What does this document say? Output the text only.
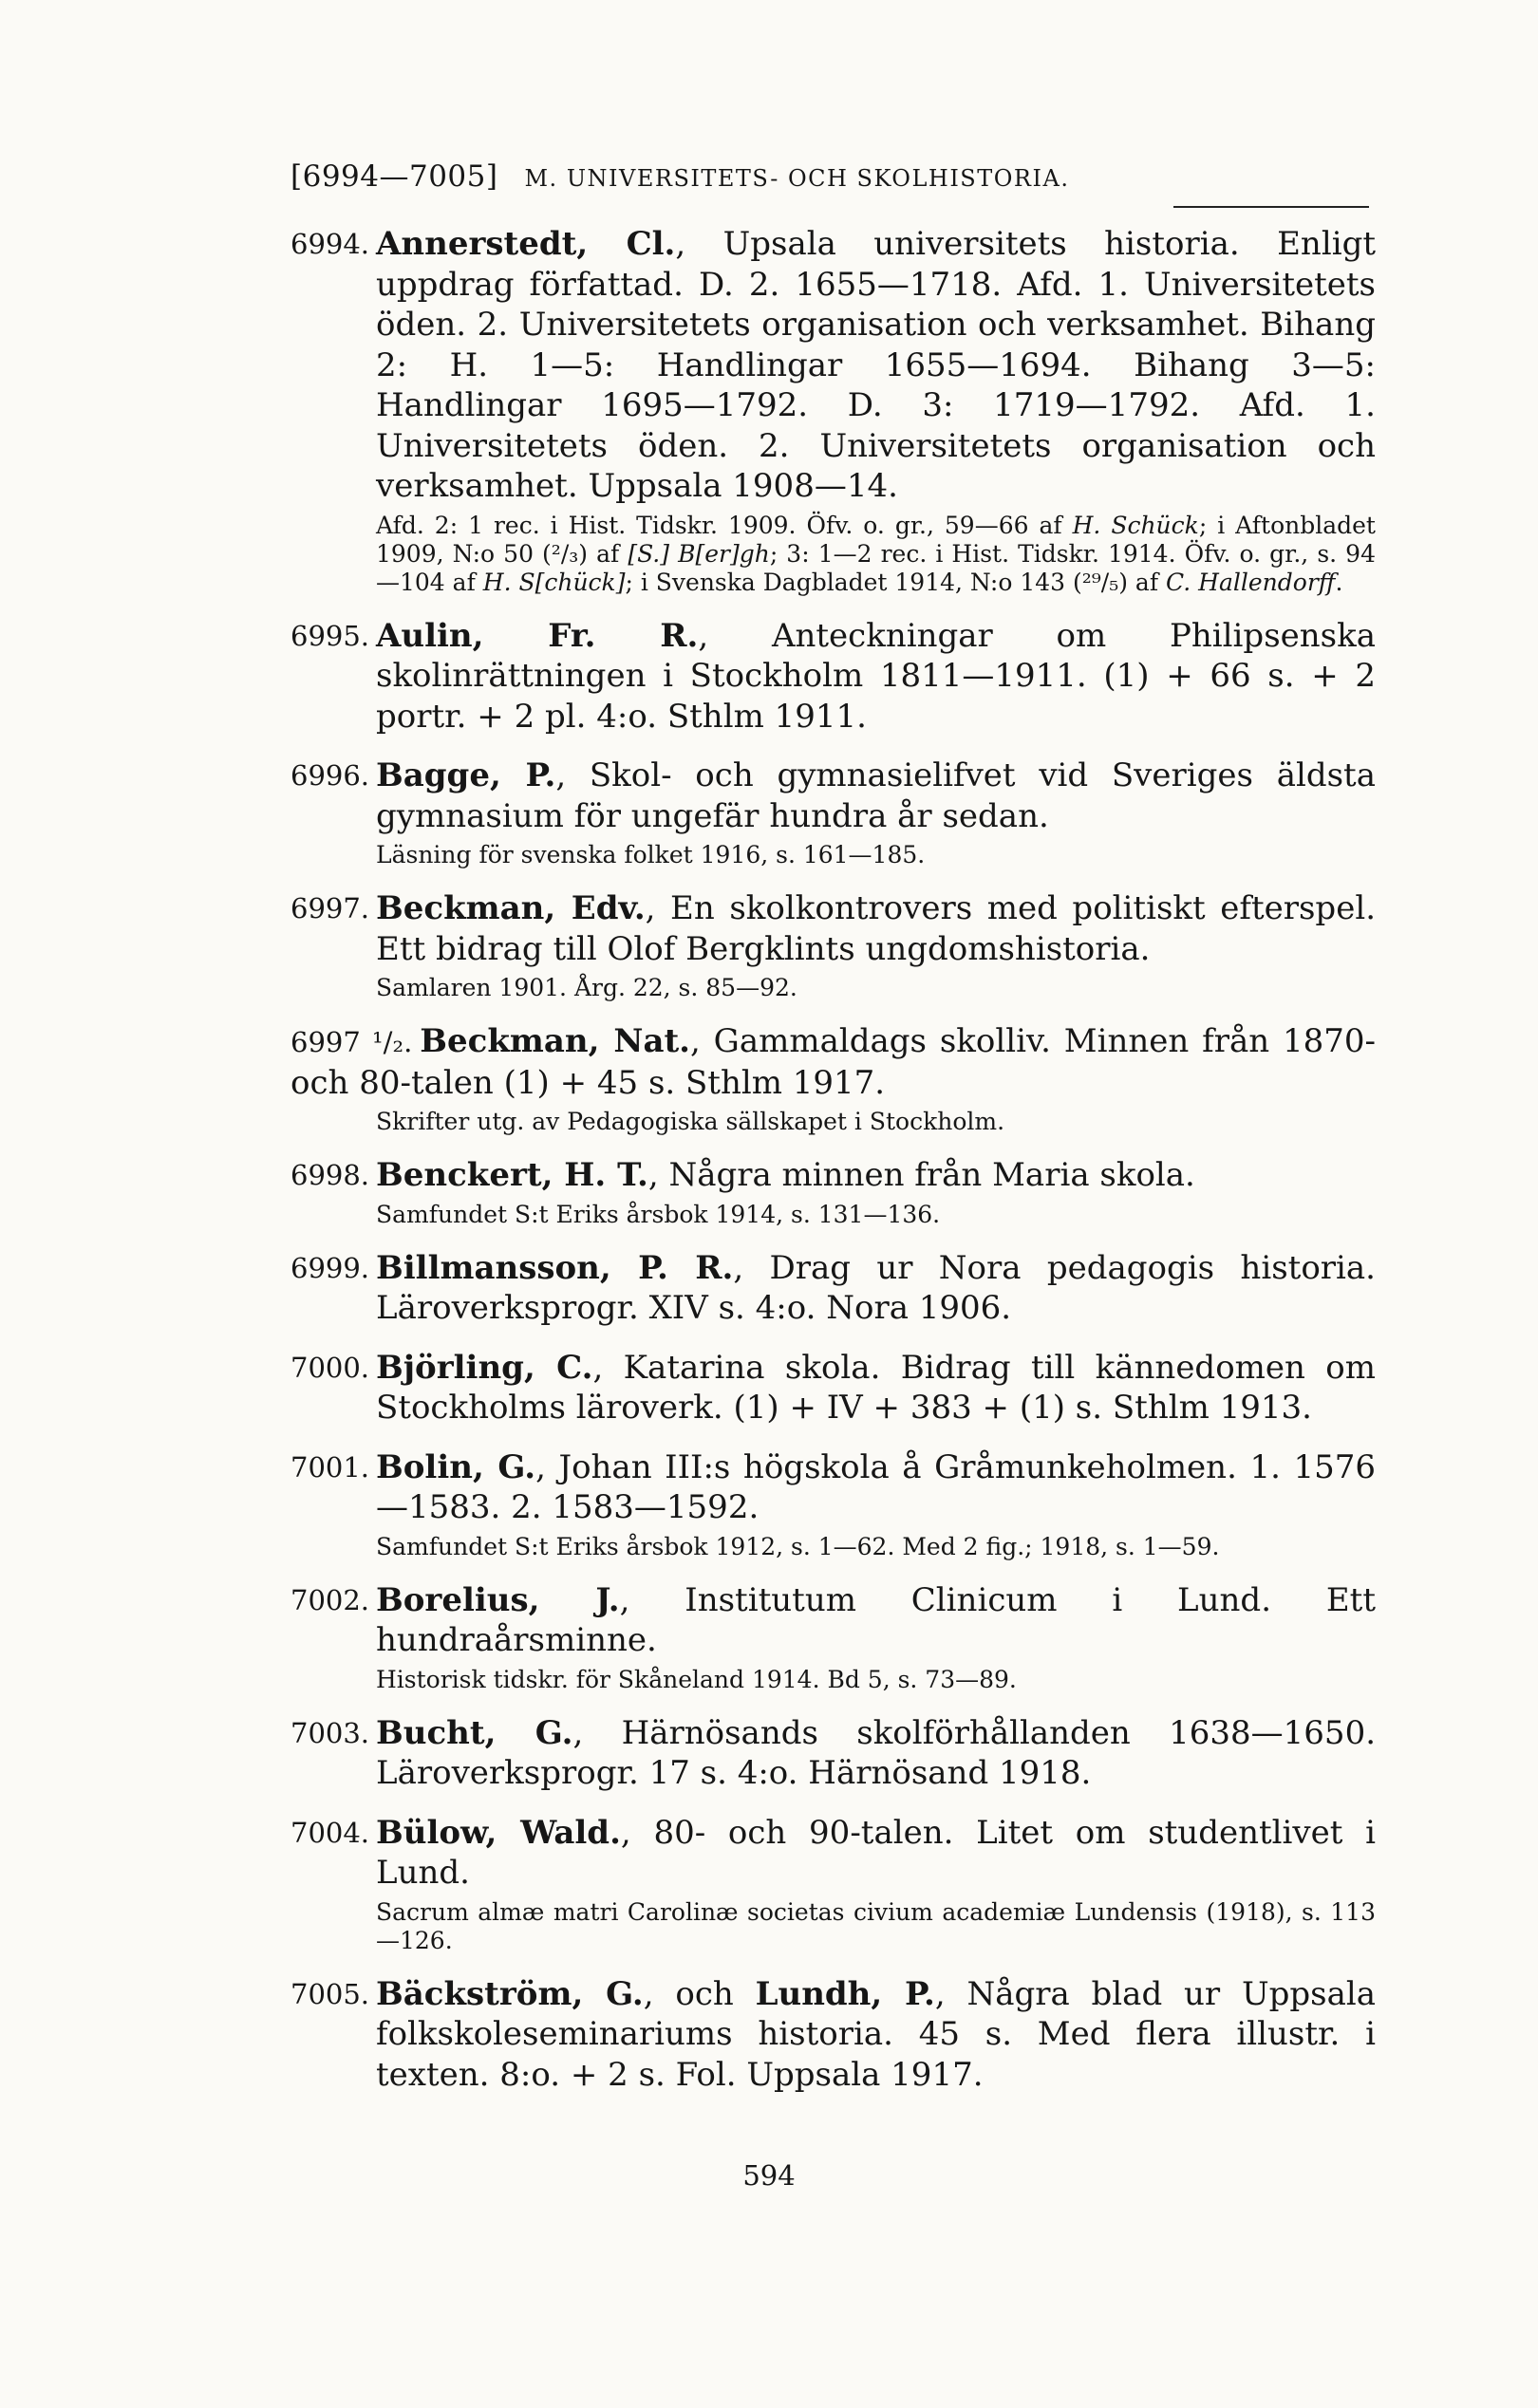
[6994—7005] M. UNIVERSITETS- OCH SKOLHISTORIA.
6994. Annerstedt, Cl., Upsala universitets historia. Enligt uppdrag författad. D. 2. 1655—1718. Afd. 1. Universitetets öden. 2. Universitetets organisation och verksamhet. Bihang 2: H. 1—5: Handlingar 1655—1694. Bihang 3—5: Handlingar 1695—1792. D. 3: 1719—1792. Afd. 1. Universitetets öden. 2. Universitetets organisation och verksamhet. Uppsala 1908—14.
Afd. 2: 1 rec. i Hist. Tidskr. 1909. Öfv. o. gr., 59—66 af H. Schück; i Aftonbladet 1909, N:o 50 (²/₃) af [S.] B[er]gh; 3: 1—2 rec. i Hist. Tidskr. 1914. Öfv. o. gr., s. 94—104 af H. S[chück]; i Svenska Dagbladet 1914, N:o 143 (²⁹/₅) af C. Hallendorff.
6995. Aulin, Fr. R., Anteckningar om Philipsenska skolinrättningen i Stockholm 1811—1911. (1) + 66 s. + 2 portr. + 2 pl. 4:o. Sthlm 1911.
6996. Bagge, P., Skol- och gymnasielifvet vid Sveriges äldsta gymnasium för ungefär hundra år sedan.
Läsning för svenska folket 1916, s. 161—185.
6997. Beckman, Edv., En skolkontrovers med politiskt efterspel. Ett bidrag till Olof Bergklints ungdomshistoria.
Samlaren 1901. Årg. 22, s. 85—92.
6997 ¹/₂. Beckman, Nat., Gammaldags skolliv. Minnen från 1870- och 80-talen (1) + 45 s. Sthlm 1917.
Skrifter utg. av Pedagogiska sällskapet i Stockholm.
6998. Benckert, H. T., Några minnen från Maria skola.
Samfundet S:t Eriks årsbok 1914, s. 131—136.
6999. Billmansson, P. R., Drag ur Nora pedagogis historia. Läroverksprogr. XIV s. 4:o. Nora 1906.
7000. Björling, C., Katarina skola. Bidrag till kännedomen om Stockholms läroverk. (1) + IV + 383 + (1) s. Sthlm 1913.
7001. Bolin, G., Johan III:s högskola å Gråmunkeholmen. 1. 1576—1583. 2. 1583—1592.
Samfundet S:t Eriks årsbok 1912, s. 1—62. Med 2 fig.; 1918, s. 1—59.
7002. Borelius, J., Institutum Clinicum i Lund. Ett hundraårsminne.
Historisk tidskr. för Skåneland 1914. Bd 5, s. 73—89.
7003. Bucht, G., Härnösands skolförhållanden 1638—1650. Läroverksprogr. 17 s. 4:o. Härnösand 1918.
7004. Bülow, Wald., 80- och 90-talen. Litet om studentlivet i Lund.
Sacrum almæ matri Carolinæ societas civium academiæ Lundensis (1918), s. 113—126.
7005. Bäckström, G., och Lundh, P., Några blad ur Uppsala folkskoleseminariums historia. 45 s. Med flera illustr. i texten. 8:o. + 2 s. Fol. Uppsala 1917.
594
